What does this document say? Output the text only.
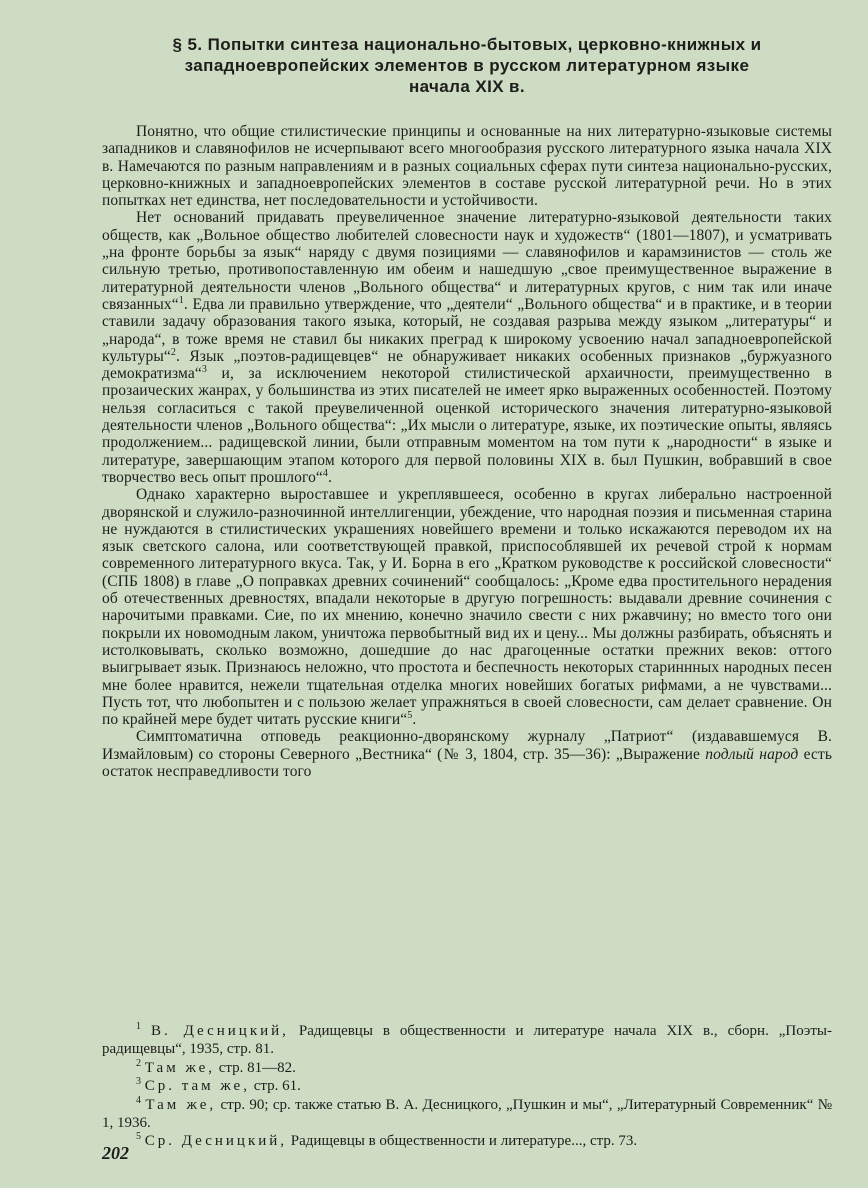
§ 5. Попытки синтеза национально-бытовых, церковно-книжных и
западноевропейских элементов в русском литературном языке
начала XIX в.

Понятно, что общие стилистические принципы и основанные на них литературно-языковые системы западников и славянофилов не исчерпывают всего многообразия русского литературного языка начала XIX в. Намечаются по разным направлениям и в разных социальных сферах пути синтеза национально-русских, церковно-книжных и западноевропейских элементов в составе русской литературной речи. Но в этих попытках нет единства, нет последовательности и устойчивости.

Нет оснований придавать преувеличенное значение литературно-языковой деятельности таких обществ, как „Вольное общество любителей словесности наук и художеств“ (1801—1807), и усматривать „на фронте борьбы за язык“ наряду с двумя позициями — славянофилов и карамзинистов — столь же сильную третью, противопоставленную им обеим и нашедшую „свое преимущественное выражение в литературной деятельности членов „Вольного общества“ и литературных кругов, с ним так или иначе связанных“$^1$. Едва ли правильно утверждение, что „деятели“ „Вольного общества“ и в практике, и в теории ставили задачу образования такого языка, который, не создавая разрыва между языком „литературы“ и „народа“, в тоже время не ставил бы никаких преград к широкому усвоению начал западноевропейской культуры“$^2$. Язык „поэтов-радищевцев“ не обнаруживает никаких особенных признаков „буржуазного демократизма“$^3$ и, за исключением некоторой стилистической архаичности, преимущественно в прозаических жанрах, у большинства из этих писателей не имеет ярко выраженных особенностей. Поэтому нельзя согласиться с такой преувеличенной оценкой исторического значения литературно-языковой деятельности членов „Вольного общества“: „Их мысли о литературе, языке, их поэтические опыты, являясь продолжением... радищевской линии, были отправным моментом на том пути к „народности“ в языке и литературе, завершающим этапом которого для первой половины XIX в. был Пушкин, вобравший в свое творчество весь опыт прошлого“$^4$.

Однако характерно выроставшее и укреплявшееся, особенно в кругах либерально настроенной дворянской и служило-разночинной интеллигенции, убеждение, что народная поэзия и письменная старина не нуждаются в стилистических украшениях новейшего времени и только искажаются переводом их на язык светского салона, или соответствующей правкой, приспособлявшей их речевой строй к нормам современного литературного вкуса. Так, у И. Борна в его „Кратком руководстве к российской словесности“ (СПБ 1808) в главе „О поправках древних сочинений“ сообщалось: „Кроме едва простительного нерадения об отечественных древностях, впадали некоторые в другую погрешность: выдавали древние сочинения с нарочитыми правками. Сие, по их мнению, конечно значило свести с них ржавчину; но вместо того они покрыли их новомодным лаком, уничтожа первобытный вид их и цену... Мы должны разбирать, объяснять и истолковывать, сколько возможно, дошедшие до нас драгоценные остатки прежних веков: оттого выигрывает язык. Признаюсь неложно, что простота и беспечность некоторых стариннных народных песен мне более нравится, нежели тщательная отделка многих новейших богатых рифмами, а не чувствами... Пусть тот, что любопытен и с пользою желает упражняться в своей словесности, сам делает сравнение. Он по крайней мере будет читать русские книги“$^5$.

Симптоматична отповедь реакционно-дворянскому журналу „Патриот“ (издававшемуся В. Измайловым) со стороны Северного „Вестника“ (№ 3, 1804, стр. 35—36): „Выражение подлый народ есть остаток несправедливости того

$^1$ В. Десницкий, Радищевцы в общественности и литературе начала XIX в., сборн. „Поэты-радищевцы“, 1935, стр. 81.

$^2$ Там же, стр. 81—82.

$^3$ Ср. там же, стр. 61.

$^4$ Там же, стр. 90; ср. также статью В. А. Десницкого, „Пушкин и мы“, „Литературный Современник“ № 1, 1936.

$^5$ Ср. Десницкий, Радищевцы в общественности и литературе..., стр. 73.

202
